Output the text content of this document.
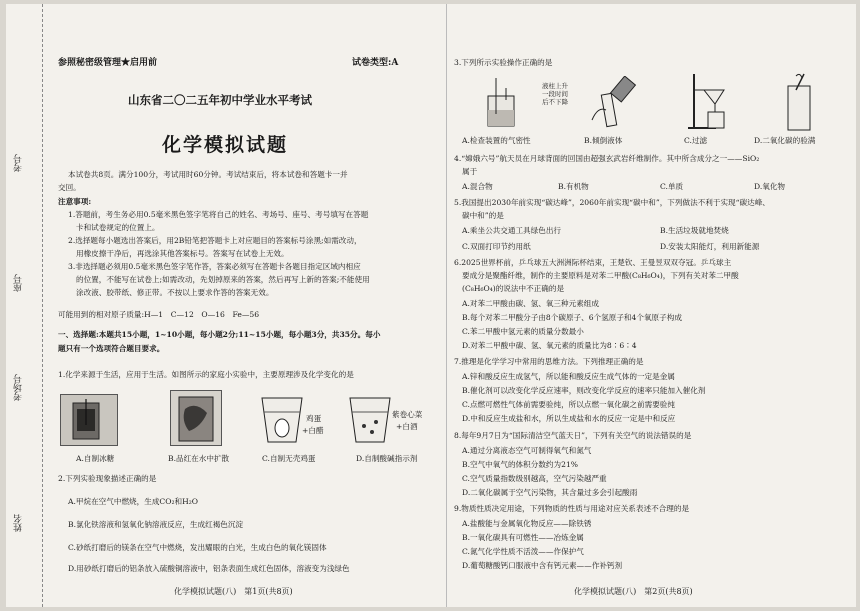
考号
座号
考场号
姓名
参照秘密级管理★启用前	试卷类型:A
山东省二〇二五年初中学业水平考试
化学模拟试题
本试卷共8页。满分100分，考试用时60分钟。考试结束后，将本试卷和答题卡一并
交回。
注意事项:
1.答题前，考生务必用0.5毫米黑色签字笔将自己的姓名、考场号、座号、考号填写在答题
卡和试卷规定的位置上。
2.选择题每小题选出答案后，用2B铅笔把答题卡上对应题目的答案标号涂黑;如需改动，
用橡皮擦干净后，再选涂其他答案标号。答案写在试卷上无效。
3.非选择题必须用0.5毫米黑色签字笔作答，答案必须写在答题卡各题目指定区域内相应
的位置，不能写在试卷上;如需改动，先划掉原来的答案，然后再写上新的答案;不能使用
涂改液、胶带纸、修正带。不按以上要求作答的答案无效。
可能用到的相对原子质量:H—1　C—12　O—16　Fe—56
一、选择题:本题共15小题，1~10小题，每小题2分;11~15小题，每小题3分，共35分。每小
题只有一个选项符合题目要求。
1.化学来源于生活，应用于生活。如图所示的家庭小实验中，主要原理涉及化学变化的是
鸡蛋
+白醋
紫卷心菜
+白酒
A.自制冰糖	B.品红在水中扩散	C.自制无壳鸡蛋	D.自制酸碱指示剂
2.下列实验现象描述正确的是
A.甲烷在空气中燃烧，生成CO₂和H₂O
B.氯化铁溶液和氢氧化钠溶液反应，生成红褐色沉淀
C.砂纸打磨后的镁条在空气中燃烧，发出耀眼的白光，生成白色的氧化镁固体
D.用砂纸打磨后的铝条放入硫酸铜溶液中，铝条表面生成红色固体，溶液变为浅绿色
化学模拟试题(八)　第1页(共8页)
3.下列所示实验操作正确的是
液柱上升一段时间后不下降
A.检查装置的气密性	B.倾倒液体	C.过滤	D.二氧化碳的验满
4.“嫦娥六号”航天员在月球背面的回国由超强玄武岩纤维制作。其中所含成分之一——SiO₂
属于
A.混合物	B.有机物	C.单质	D.氧化物
5.我国提出2030年前实现“碳达峰”，2060年前实现“碳中和”，下列做法不利于实现“碳达峰、
碳中和”的是
A.乘坐公共交通工具绿色出行	B.生活垃圾就地焚烧
C.双面打印节约用纸	D.安装太阳能灯，利用新能源
6.2025世界杯前，乒乓球五大洲洲际杯结束，王楚钦、王曼昱双双夺冠。乒乓球主
要成分是聚酯纤维，制作的主要原料是对苯二甲酸(C₈H₆O₄)，下列有关对苯二甲酸
(C₈H₆O₄)的说法中不正确的是
A.对苯二甲酸由碳、氢、氧三种元素组成
B.每个对苯二甲酸分子由8个碳原子、6个氢原子和4个氧原子构成
C.苯二甲酸中氢元素的质量分数最小
D.对苯二甲酸中碳、氢、氧元素的质量比为8∶6∶4
7.推理是化学学习中常用的思维方法。下列推理正确的是
A.锌和酸反应生成氢气，所以能和酸反应生成气体的一定是金属
B.催化剂可以改变化学反应速率，则改变化学反应的速率只能加入催化剂
C.点燃可燃性气体前需要验纯，所以点燃一氧化碳之前需要验纯
D.中和反应生成盐和水，所以生成盐和水的反应一定是中和反应
8.每年9月7日为“国际清洁空气蓝天日”，下列有关空气的说法错误的是
A.通过分离液态空气可制得氧气和氮气
B.空气中氧气的体积分数约为21%
C.空气质量指数级别越高，空气污染越严重
D.二氧化碳属于空气污染物，其含量过多会引起酸雨
9.物质性质决定用途，下列物质的性质与用途对应关系表述不合理的是
A.盐酸能与金属氧化物反应——除铁锈
B.一氧化碳具有可燃性——冶炼金属
C.氮气化学性质不活泼——作保护气
D.葡萄糖酸钙口服液中含有钙元素——作补钙剂
化学模拟试题(八)　第2页(共8页)
